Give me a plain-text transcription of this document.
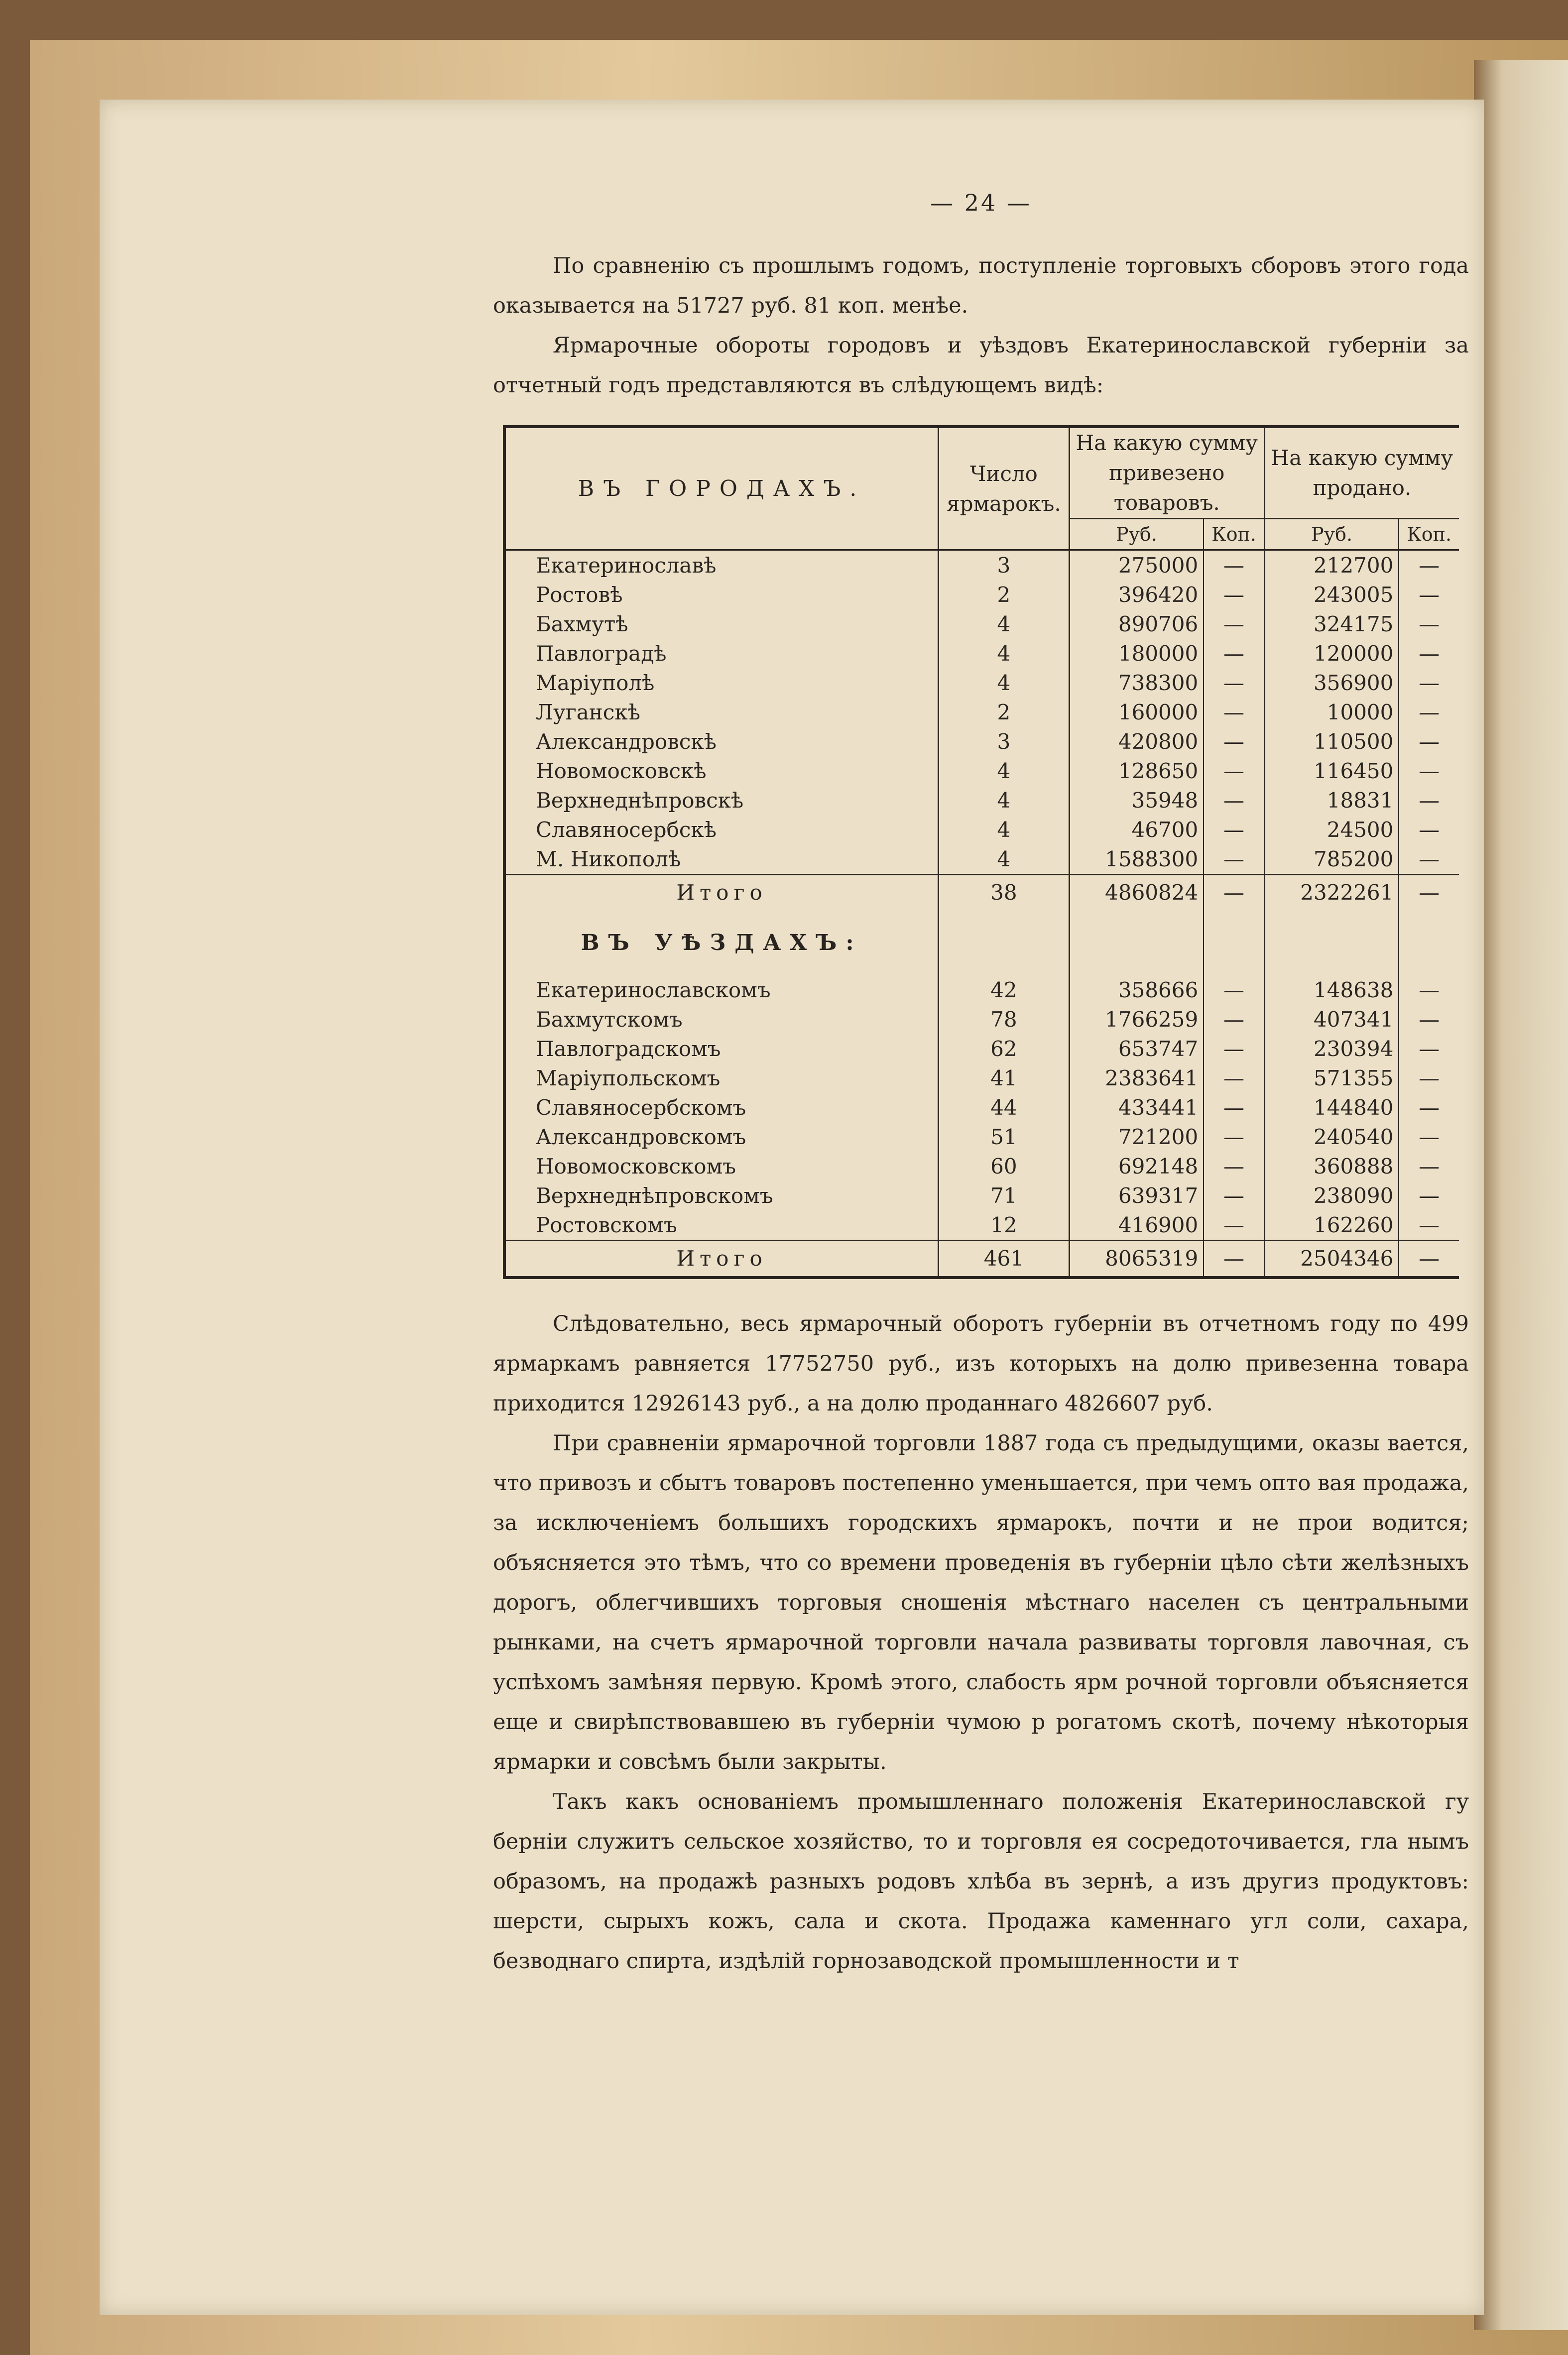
— 24 —

По сравненію съ прошлымъ годомъ, поступленіе торговыхъ сборовъ этого года оказывается на 51727 руб. 81 коп. менѣе.

Ярмарочные обороты городовъ и уѣздовъ Екатеринославской губерніи за отчетный годъ представляются въ слѣдующемъ видѣ:

ВЪ ГОРОДАХЪ.	Число ярмарокъ.	На какую сумму привезено товаровъ.		На какую сумму продано.	
		Руб.	Коп.	Руб.	Коп.
Екатеринославѣ	3	275000	—	212700	—
Ростовѣ	2	396420	—	243005	—
Бахмутѣ	4	890706	—	324175	—
Павлоградѣ	4	180000	—	120000	—
Маріуполѣ	4	738300	—	356900	—
Луганскѣ	2	160000	—	10000	—
Александровскѣ	3	420800	—	110500	—
Новомосковскѣ	4	128650	—	116450	—
Верхнеднѣпровскѣ	4	35948	—	18831	—
Славяносербскѣ	4	46700	—	24500	—
М. Никополѣ	4	1588300	—	785200	—
Итого	38	4860824	—	2322261	—
ВЪ УѢЗДАХЪ:					
Екатеринославскомъ	42	358666	—	148638	—
Бахмутскомъ	78	1766259	—	407341	—
Павлоградскомъ	62	653747	—	230394	—
Маріупольскомъ	41	2383641	—	571355	—
Славяносербскомъ	44	433441	—	144840	—
Александровскомъ	51	721200	—	240540	—
Новомосковскомъ	60	692148	—	360888	—
Верхнеднѣпровскомъ	71	639317	—	238090	—
Ростовскомъ	12	416900	—	162260	—
Итого	461	8065319	—	2504346	—

Слѣдовательно, весь ярмарочный оборотъ губерніи въ отчетномъ году по 499 ярмаркамъ равняется 17752750 руб., изъ которыхъ на долю привезенна товара приходится 12926143 руб., а на долю проданнаго 4826607 руб.

При сравненіи ярмарочной торговли 1887 года съ предыдущими, оказы вается, что привозъ и сбытъ товаровъ постепенно уменьшается, при чемъ опто вая продажа, за исключеніемъ большихъ городскихъ ярмарокъ, почти и не прои водится; объясняется это тѣмъ, что со времени проведенія въ губерніи цѣло сѣти желѣзныхъ дорогъ, облегчившихъ торговыя сношенія мѣстнаго населен съ центральными рынками, на счетъ ярмарочной торговли начала развиваты торговля лавочная, съ успѣхомъ замѣняя первую. Кромѣ этого, слабость ярм рочной торговли объясняется еще и свирѣпствовавшею въ губерніи чумою р рогатомъ скотѣ, почему нѣкоторыя ярмарки и совсѣмъ были закрыты.

Такъ какъ основаніемъ промышленнаго положенія Екатеринославской гу берніи служитъ сельское хозяйство, то и торговля ея сосредоточивается, гла нымъ образомъ, на продажѣ разныхъ родовъ хлѣба въ зернѣ, а изъ другиз продуктовъ: шерсти, сырыхъ кожъ, сала и скота. Продажа каменнаго угл соли, сахара, безводнаго спирта, издѣлій горнозаводской промышленности и т
